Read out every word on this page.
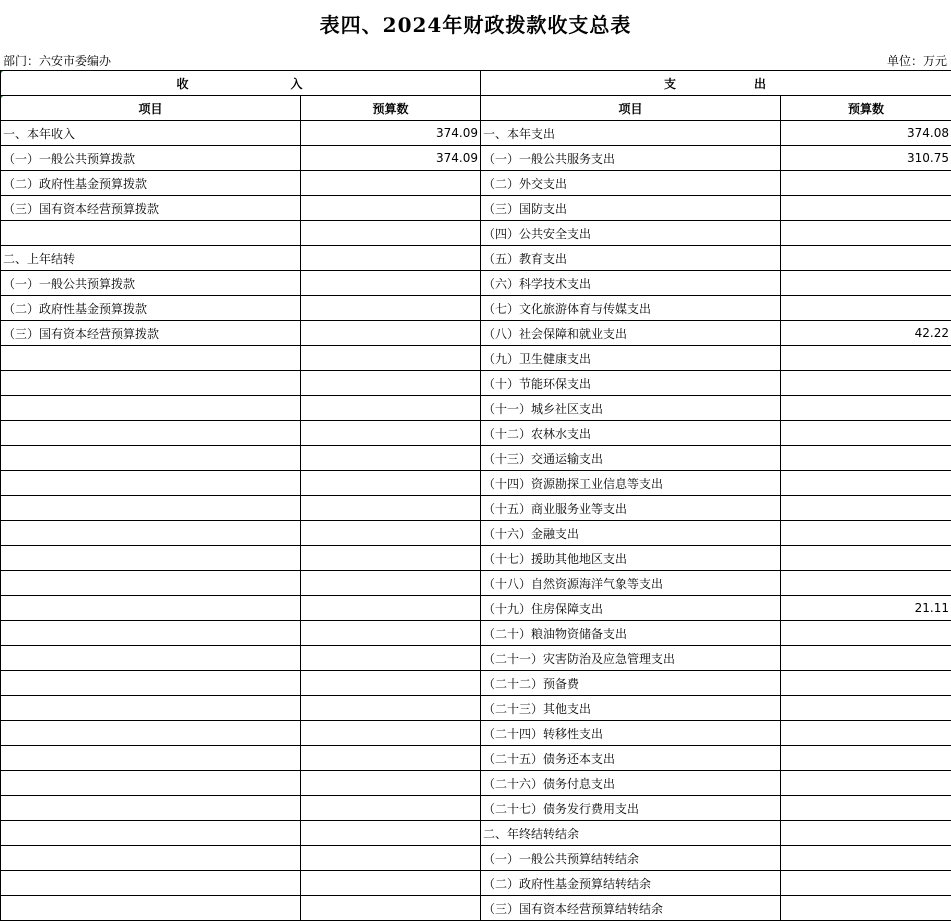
表四、2024年财政拨款收支总表
部门：六安市委编办	单位：万元
收 入		支 出	
项目	预算数	项目	预算数
一、本年收入	374.09	一、本年支出	374.08
（一）一般公共预算拨款	374.09	（一）一般公共服务支出	310.75
（二）政府性基金预算拨款		（二）外交支出	
（三）国有资本经营预算拨款		（三）国防支出	
		（四）公共安全支出	
二、上年结转		（五）教育支出	
（一）一般公共预算拨款		（六）科学技术支出	
（二）政府性基金预算拨款		（七）文化旅游体育与传媒支出	
（三）国有资本经营预算拨款		（八）社会保障和就业支出	42.22
		（九）卫生健康支出	
		（十）节能环保支出	
		（十一）城乡社区支出	
		（十二）农林水支出	
		（十三）交通运输支出	
		（十四）资源勘探工业信息等支出	
		（十五）商业服务业等支出	
		（十六）金融支出	
		（十七）援助其他地区支出	
		（十八）自然资源海洋气象等支出	
		（十九）住房保障支出	21.11
		（二十）粮油物资储备支出	
		（二十一）灾害防治及应急管理支出	
		（二十二）预备费	
		（二十三）其他支出	
		（二十四）转移性支出	
		（二十五）债务还本支出	
		（二十六）债务付息支出	
		（二十七）债务发行费用支出	
		二、年终结转结余	
		（一）一般公共预算结转结余	
		（二）政府性基金预算结转结余	
		（三）国有资本经营预算结转结余	
